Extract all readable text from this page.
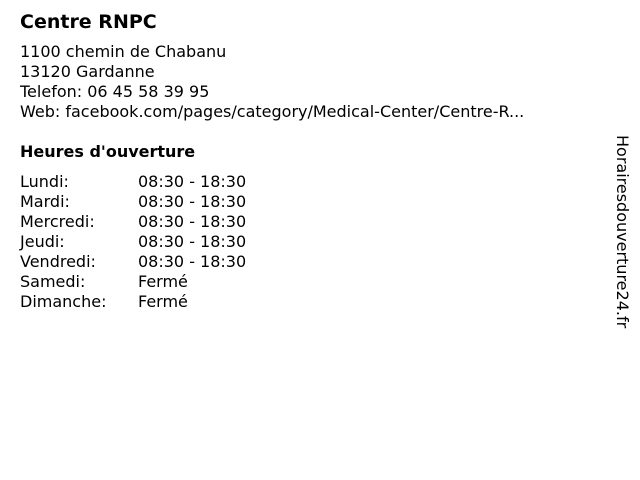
Centre RNPC
1100 chemin de Chabanu
13120 Gardanne
Telefon: 06 45 58 39 95
Web: facebook.com/pages/category/Medical-Center/Centre-R...
Heures d'ouverture
Lundi:	08:30 - 18:30
Mardi:	08:30 - 18:30
Mercredi:	08:30 - 18:30
Jeudi:	08:30 - 18:30
Vendredi:	08:30 - 18:30
Samedi:	Fermé
Dimanche:	Fermé	Horairesdouverture24.fr
